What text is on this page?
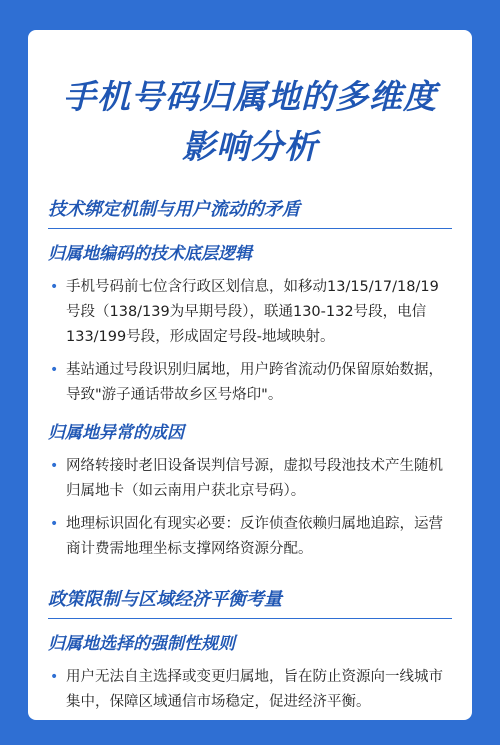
手机号码归属地的多维度影响分析
技术绑定机制与用户流动的矛盾
归属地编码的技术底层逻辑
• 手机号码前七位含行政区划信息，如移动13/15/17/18/19号段（138/139为早期号段），联通130-132号段，电信133/199号段，形成固定号段-地域映射。
• 基站通过号段识别归属地，用户跨省流动仍保留原始数据，导致"游子通话带故乡区号烙印"。
归属地异常的成因
• 网络转接时老旧设备误判信号源，虚拟号段池技术产生随机归属地卡（如云南用户获北京号码）。
• 地理标识固化有现实必要：反诈侦查依赖归属地追踪，运营商计费需地理坐标支撑网络资源分配。
政策限制与区域经济平衡考量
归属地选择的强制性规则
• 用户无法自主选择或变更归属地，旨在防止资源向一线城市集中，保障区域通信市场稳定，促进经济平衡。
